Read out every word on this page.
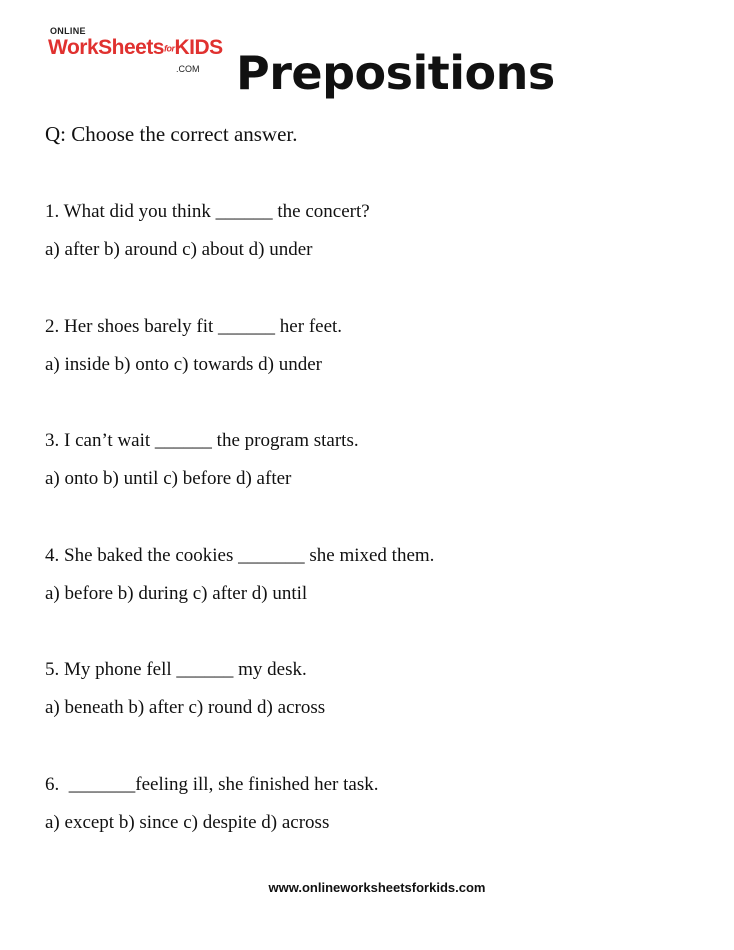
ONLINE
WorkSheetsforKIDS
.COM Prepositions
Q: Choose the correct answer.
1. What did you think ______ the concert?
a) after b) around c) about d) under
2. Her shoes barely fit ______ her feet.
a) inside b) onto c) towards d) under
3. I can’t wait ______ the program starts.
a) onto b) until c) before d) after
4. She baked the cookies _______ she mixed them.
a) before b) during c) after d) until
5. My phone fell ______ my desk.
a) beneath b) after c) round d) across
6.  _______feeling ill, she finished her task.
a) except b) since c) despite d) across
www.onlineworksheetsforkids.com
